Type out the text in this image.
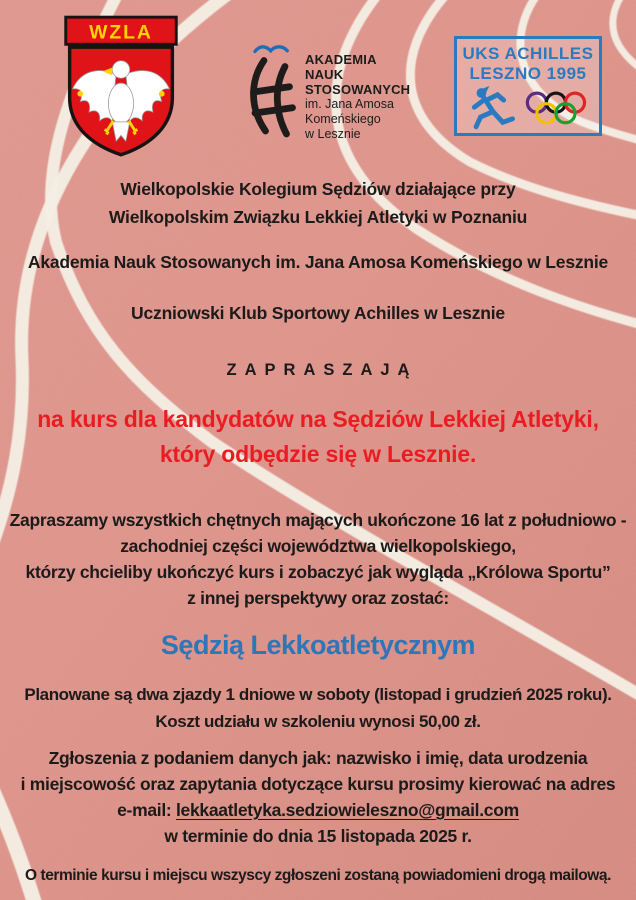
WZLA
AKADEMIA
NAUK
STOSOWANYCH
im. Jana Amosa
Komeńskiego
w Lesznie
UKS ACHILLES
LESZNO 1995
Wielkopolskie Kolegium Sędziów działające przy
Wielkopolskim Związku Lekkiej Atletyki w Poznaniu
Akademia Nauk Stosowanych im. Jana Amosa Komeńskiego w Lesznie
Uczniowski Klub Sportowy Achilles w Lesznie
ZAPRASZAJĄ
na kurs dla kandydatów na Sędziów Lekkiej Atletyki,
który odbędzie się w Lesznie.
Zapraszamy wszystkich chętnych mających ukończone 16 lat z południowo -
zachodniej części województwa wielkopolskiego,
którzy chcieliby ukończyć kurs i zobaczyć jak wygląda „Królowa Sportu”
z innej perspektywy oraz zostać:
Sędzią Lekkoatletycznym
Planowane są dwa zjazdy 1 dniowe w soboty (listopad i grudzień 2025 roku).
Koszt udziału w szkoleniu wynosi 50,00 zł.
Zgłoszenia z podaniem danych jak: nazwisko i imię, data urodzenia
i miejscowość oraz zapytania dotyczące kursu prosimy kierować na adres
e-mail: lekkaatletyka.sedziowieleszno@gmail.com
w terminie do dnia 15 listopada 2025 r.
O terminie kursu i miejscu wszyscy zgłoszeni zostaną powiadomieni drogą mailową.
